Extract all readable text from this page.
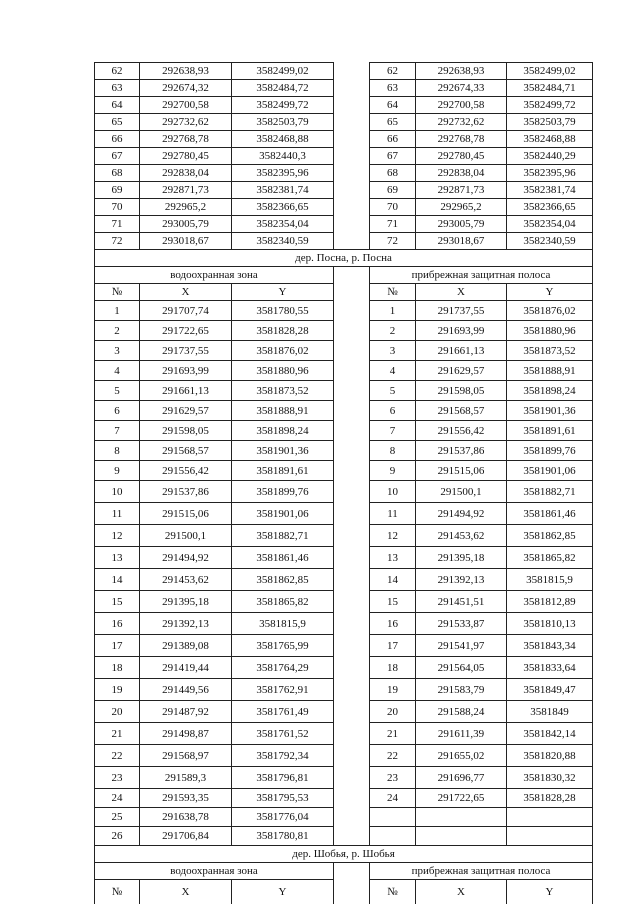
62	292638,93	3582499,02		62	292638,93	3582499,02
63	292674,32	3582484,72		63	292674,33	3582484,71
64	292700,58	3582499,72		64	292700,58	3582499,72
65	292732,62	3582503,79		65	292732,62	3582503,79
66	292768,78	3582468,88		66	292768,78	3582468,88
67	292780,45	3582440,3		67	292780,45	3582440,29
68	292838,04	3582395,96		68	292838,04	3582395,96
69	292871,73	3582381,74		69	292871,73	3582381,74
70	292965,2	3582366,65		70	292965,2	3582366,65
71	293005,79	3582354,04		71	293005,79	3582354,04
72	293018,67	3582340,59		72	293018,67	3582340,59
дер. Посна, р. Посна						
водоохранная зона				прибрежная защитная полоса		
№	X	Y		№	X	Y
1	291707,74	3581780,55		1	291737,55	3581876,02
2	291722,65	3581828,28		2	291693,99	3581880,96
3	291737,55	3581876,02		3	291661,13	3581873,52
4	291693,99	3581880,96		4	291629,57	3581888,91
5	291661,13	3581873,52		5	291598,05	3581898,24
6	291629,57	3581888,91		6	291568,57	3581901,36
7	291598,05	3581898,24		7	291556,42	3581891,61
8	291568,57	3581901,36		8	291537,86	3581899,76
9	291556,42	3581891,61		9	291515,06	3581901,06
10	291537,86	3581899,76		10	291500,1	3581882,71
11	291515,06	3581901,06		11	291494,92	3581861,46
12	291500,1	3581882,71		12	291453,62	3581862,85
13	291494,92	3581861,46		13	291395,18	3581865,82
14	291453,62	3581862,85		14	291392,13	3581815,9
15	291395,18	3581865,82		15	291451,51	3581812,89
16	291392,13	3581815,9		16	291533,87	3581810,13
17	291389,08	3581765,99		17	291541,97	3581843,34
18	291419,44	3581764,29		18	291564,05	3581833,64
19	291449,56	3581762,91		19	291583,79	3581849,47
20	291487,92	3581761,49		20	291588,24	3581849
21	291498,87	3581761,52		21	291611,39	3581842,14
22	291568,97	3581792,34		22	291655,02	3581820,88
23	291589,3	3581796,81		23	291696,77	3581830,32
24	291593,35	3581795,53		24	291722,65	3581828,28
25	291638,78	3581776,04				
26	291706,84	3581780,81				
дер. Шобья, р. Шобья						
водоохранная зона				прибрежная защитная полоса		
№	X	Y		№	X	Y
